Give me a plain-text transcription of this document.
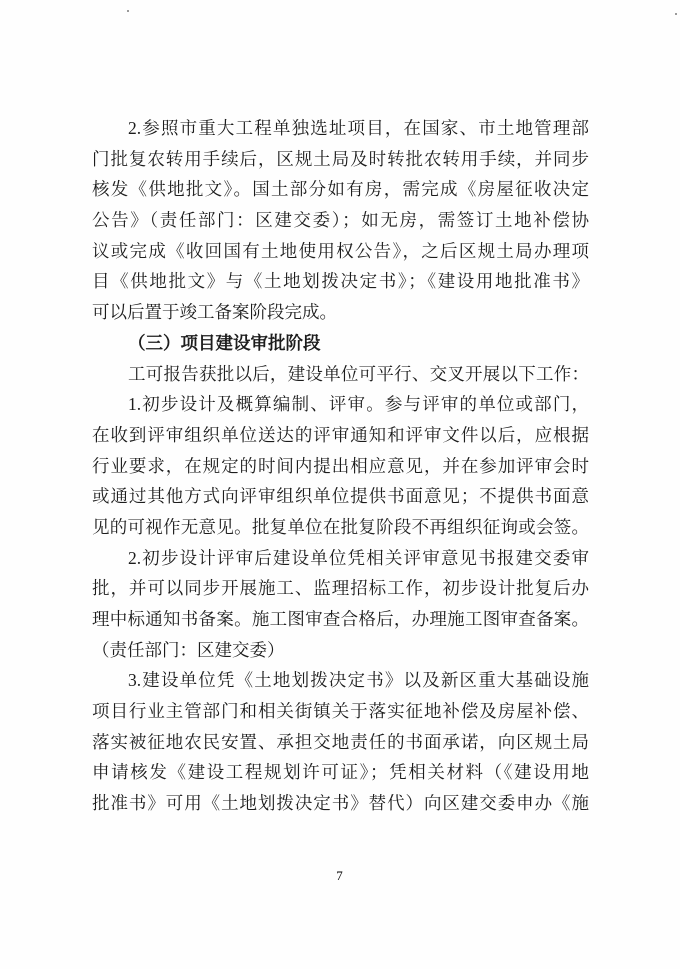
2.参照市重大工程单独选址项目，在国家、市土地管理部
门批复农转用手续后，区规土局及时转批农转用手续，并同步
核发《供地批文》。国土部分如有房，需完成《房屋征收决定
公告》（责任部门：区建交委）；如无房，需签订土地补偿协
议或完成《收回国有土地使用权公告》，之后区规土局办理项
目《供地批文》与《土地划拨决定书》；《建设用地批准书》
可以后置于竣工备案阶段完成。
（三）项目建设审批阶段
工可报告获批以后，建设单位可平行、交叉开展以下工作：
1.初步设计及概算编制、评审。参与评审的单位或部门，
在收到评审组织单位送达的评审通知和评审文件以后，应根据
行业要求，在规定的时间内提出相应意见，并在参加评审会时
或通过其他方式向评审组织单位提供书面意见；不提供书面意
见的可视作无意见。批复单位在批复阶段不再组织征询或会签。
2.初步设计评审后建设单位凭相关评审意见书报建交委审
批，并可以同步开展施工、监理招标工作，初步设计批复后办
理中标通知书备案。施工图审查合格后，办理施工图审查备案。
（责任部门：区建交委）
3.建设单位凭《土地划拨决定书》以及新区重大基础设施
项目行业主管部门和相关街镇关于落实征地补偿及房屋补偿、
落实被征地农民安置、承担交地责任的书面承诺，向区规土局
申请核发《建设工程规划许可证》；凭相关材料（《建设用地
批准书》可用《土地划拨决定书》替代）向区建交委申办《施
7
